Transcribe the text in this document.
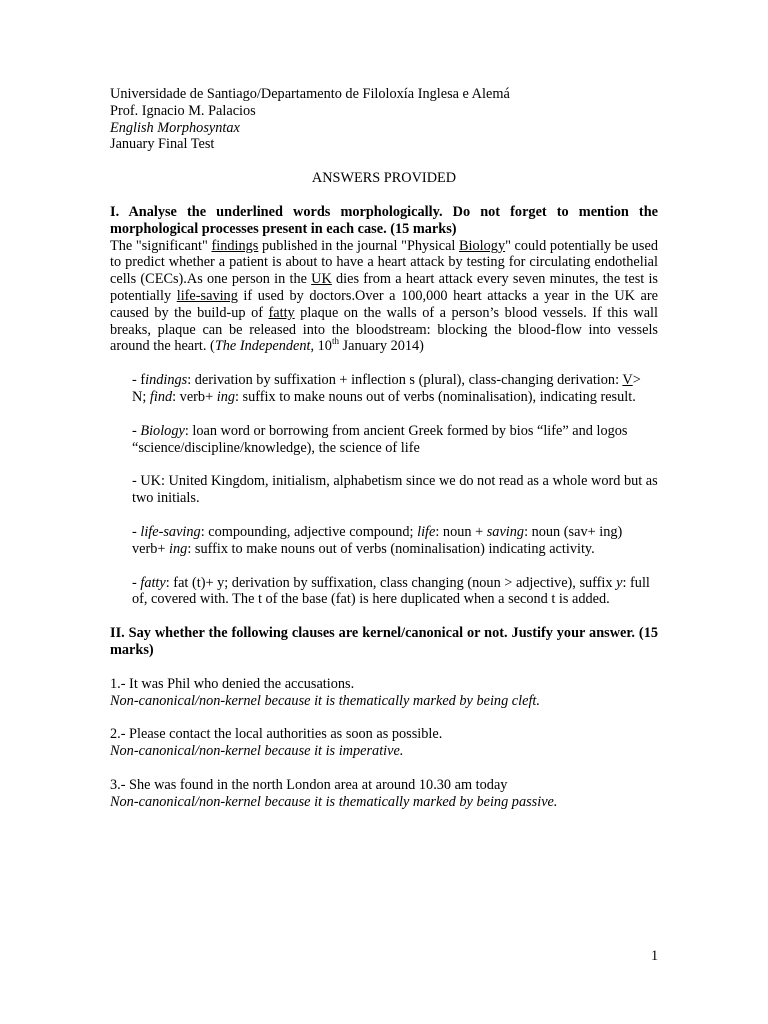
Universidade de Santiago/Departamento de Filoloxía Inglesa e Alemá
Prof. Ignacio M. Palacios
English Morphosyntax
January Final Test
ANSWERS PROVIDED

I. Analyse the underlined words morphologically. Do not forget to mention the morphological processes present in each case. (15 marks)

The "significant" findings published in the journal "Physical Biology" could potentially be used to predict whether a patient is about to have a heart attack by testing for circulating endothelial cells (CECs).As one person in the UK dies from a heart attack every seven minutes, the test is potentially life-saving if used by doctors.Over a 100,000 heart attacks a year in the UK are caused by the build-up of fatty plaque on the walls of a person’s blood vessels. If this wall breaks, plaque can be released into the bloodstream: blocking the blood-flow into vessels around the heart. (The Independent, 10th January 2014)

- findings: derivation by suffixation + inflection s (plural), class-changing derivation: V> N; find: verb+ ing: suffix to make nouns out of verbs (nominalisation), indicating result.

- Biology: loan word or borrowing from ancient Greek formed by bios “life” and logos “science/discipline/knowledge), the science of life

- UK: United Kingdom, initialism, alphabetism since we do not read as a whole word but as two initials.

- life-saving: compounding, adjective compound; life: noun + saving: noun (sav+ ing) verb+ ing: suffix to make nouns out of verbs (nominalisation) indicating activity.

- fatty: fat (t)+ y; derivation by suffixation, class changing (noun > adjective), suffix y: full of, covered with. The t of the base (fat) is here duplicated when a second t is added.

II. Say whether the following clauses are kernel/canonical or not. Justify your answer. (15 marks)

1.- It was Phil who denied the accusations.
Non-canonical/non-kernel because it is thematically marked by being cleft.
2.- Please contact the local authorities as soon as possible.
Non-canonical/non-kernel because it is imperative.
3.- She was found in the north London area at around 10.30 am today
Non-canonical/non-kernel because it is thematically marked by being passive.
1
